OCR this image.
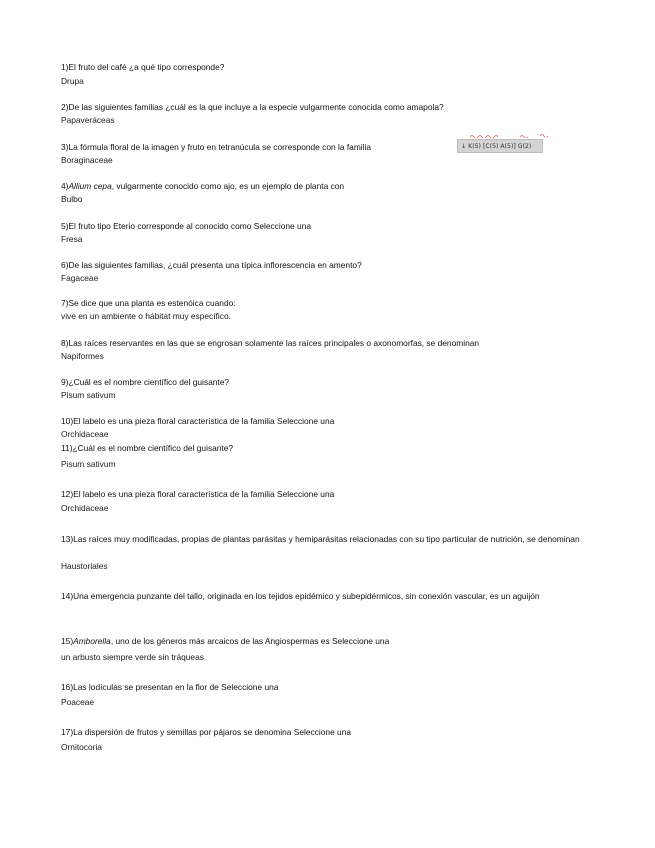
1)El fruto del café ¿a qué tipo corresponde?
Drupa
2)De las siguientes familias ¿cuál es la que incluye a la especie vulgarmente conocida como amapola?
Papaveráceas
3)La fórmula floral de la imagen y fruto en tetranúcula se corresponde con la familia
Boraginaceae
↓ K(5) [C(5) A(5)] G(2)
4)Allium cepa, vulgarmente conocido como ajo, es un ejemplo de planta con
Bulbo
5)El fruto tipo Eterio corresponde al conocido como Seleccione una
Fresa
6)De las siguientes familias, ¿cuál presenta una típica inflorescencia en amento?
Fagaceae
7)Se dice que una planta es estenóica cuando:
vive en un ambiente o hábitat muy específico.
8)Las raíces reservantes en las que se engrosan solamente las raíces principales o axonomorfas, se denominan
Napiformes
9)¿Cuál es el nombre científico del guisante?
Pisum sativum
10)El labelo es una pieza floral característica de la familia Seleccione una
Orchidaceae
11)¿Cuál es el nombre científico del guisante?
Pisum sativum
12)El labelo es una pieza floral característica de la familia Seleccione una
Orchidaceae
13)Las raíces muy modificadas, propias de plantas parásitas y hemiparásitas relacionadas con su tipo particular de nutrición, se denominan
Haustoriales
14)Una emergencia punzante del tallo, originada en los tejidos epidémico y subepidérmicos, sin conexión vascular, es un aguijón
15)Amborella, uno de los géneros más arcaicos de las Angiospermas es Seleccione una
un arbusto siempre verde sin tráqueas
16)Las lodículas se presentan en la flor de Seleccione una
Poaceae
17)La dispersión de frutos y semillas por pájaros se denomina Seleccione una
Ornitocoria
